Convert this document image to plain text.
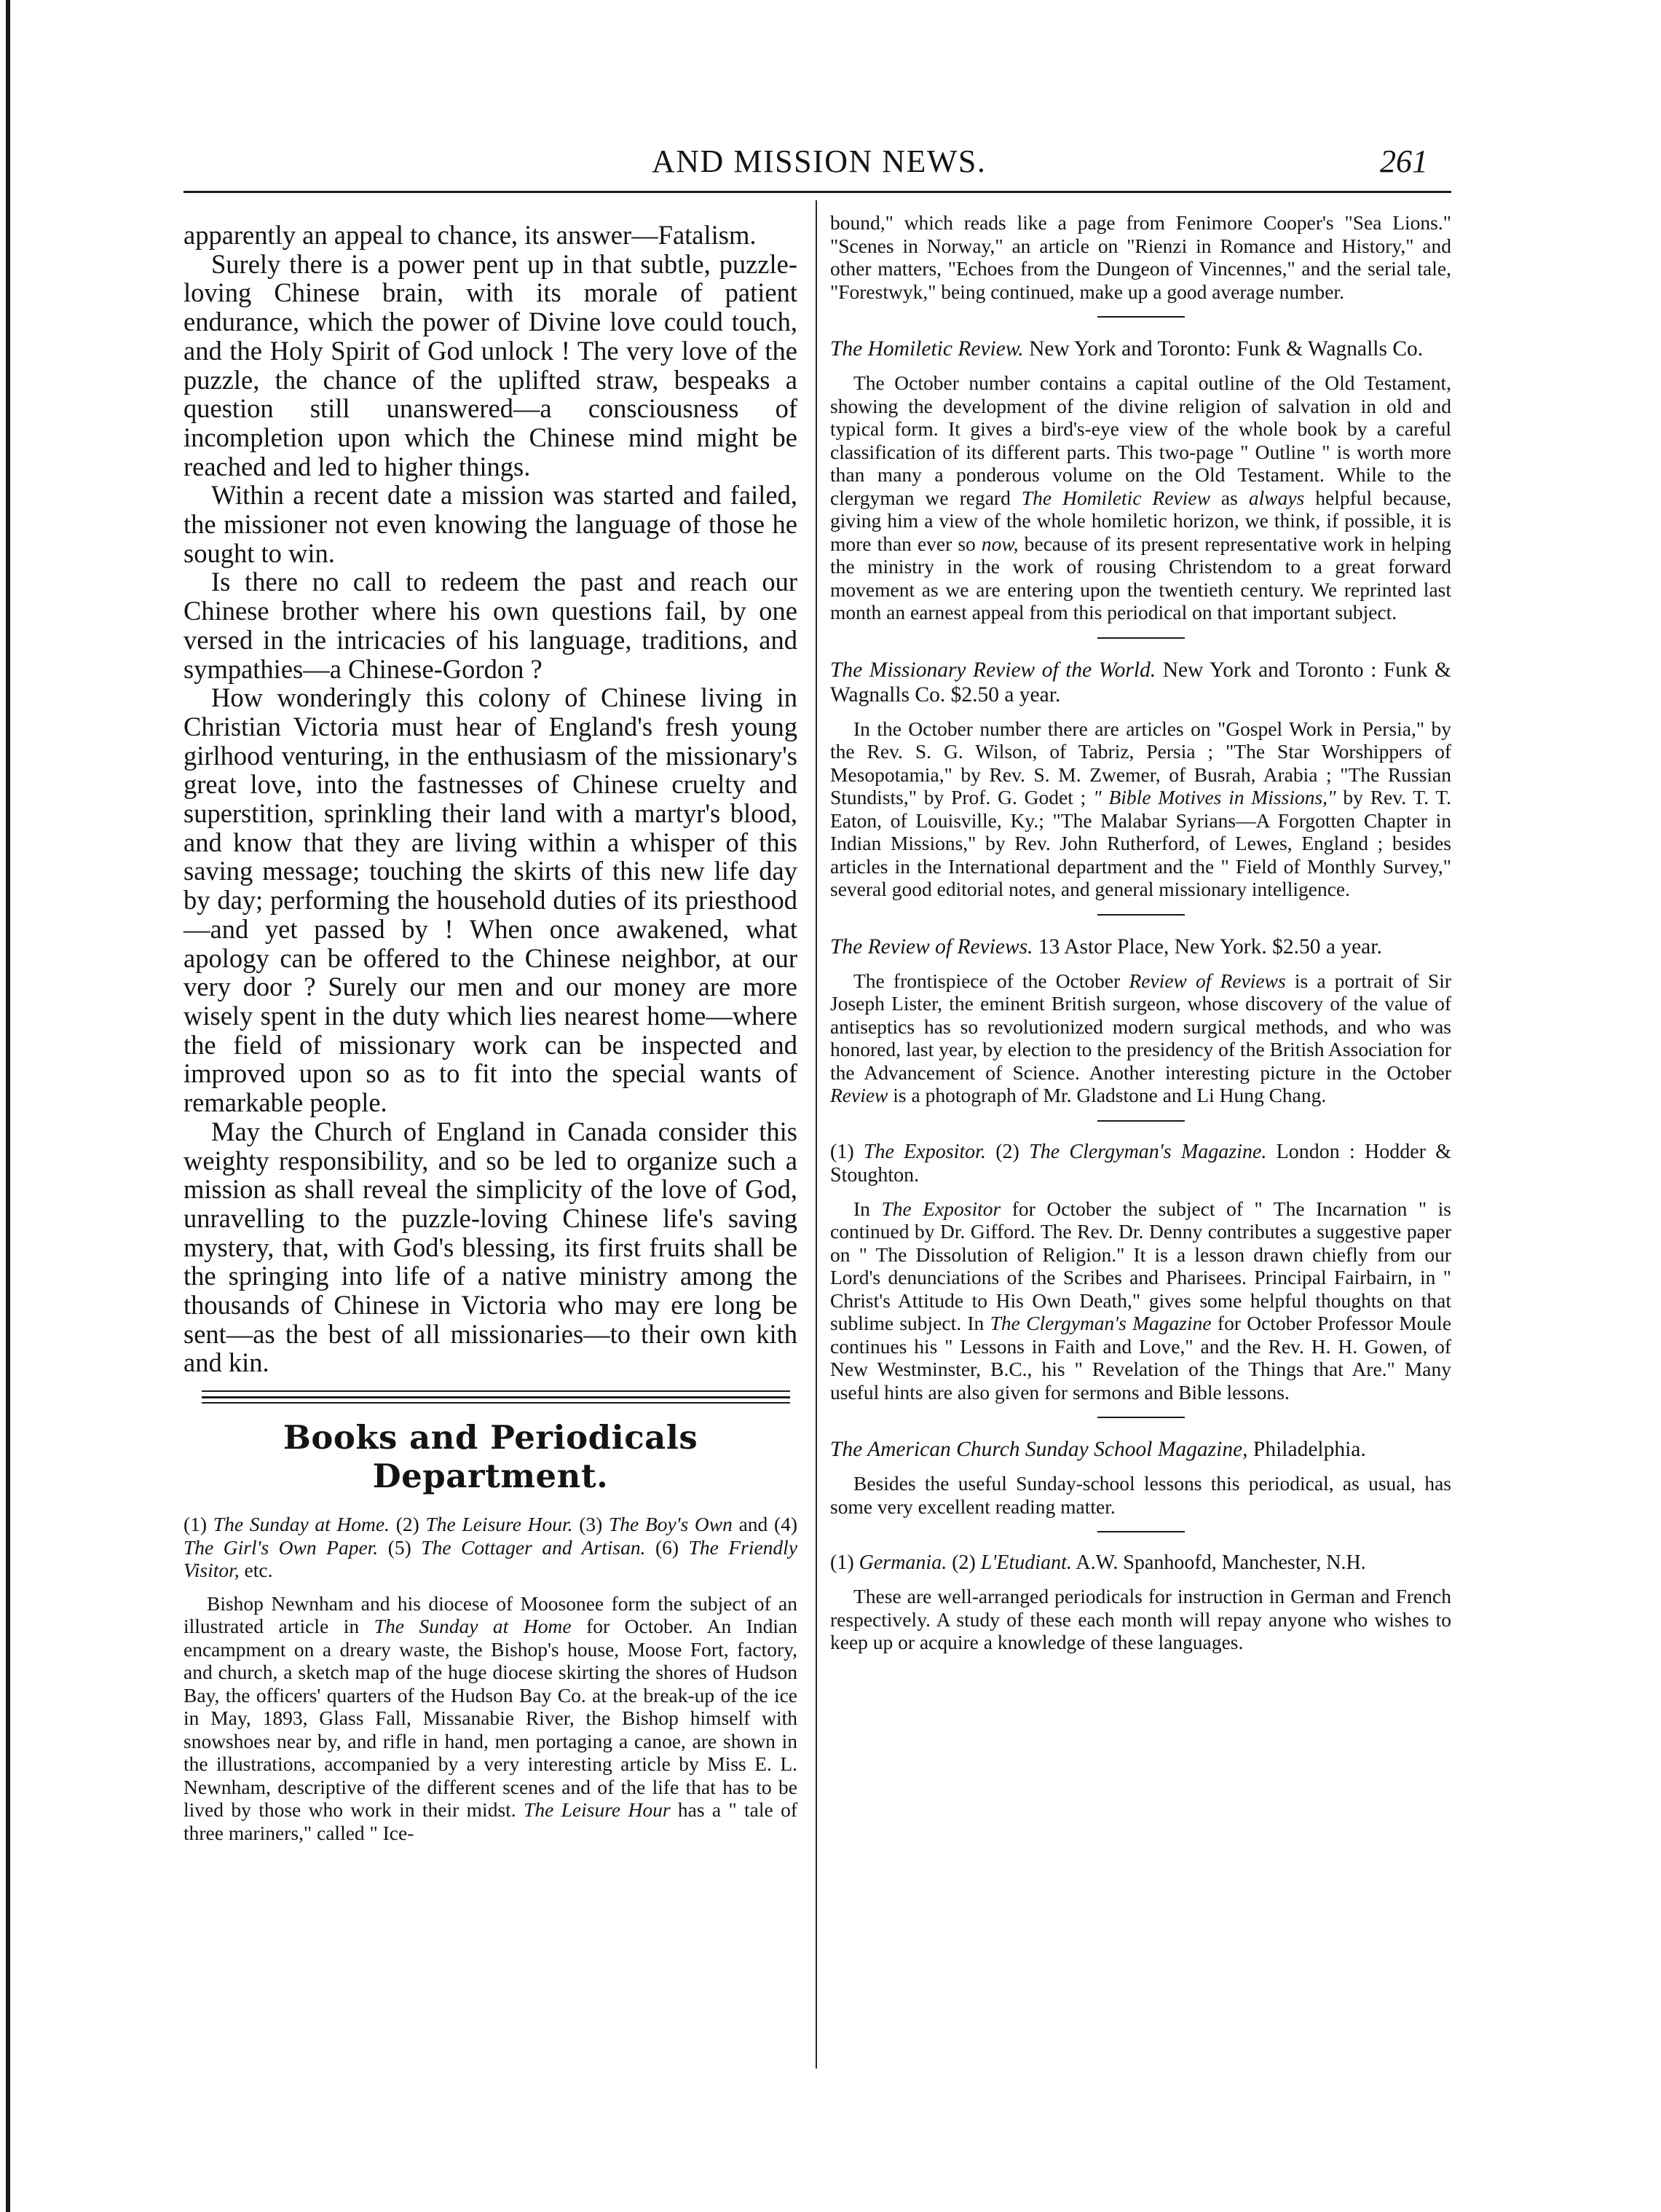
AND MISSION NEWS.	261

apparently an appeal to chance, its answer—Fatalism.

Surely there is a power pent up in that subtle, puzzle-loving Chinese brain, with its morale of patient endurance, which the power of Divine love could touch, and the Holy Spirit of God unlock ! The very love of the puzzle, the chance of the uplifted straw, bespeaks a question still unanswered—a consciousness of incompletion upon which the Chinese mind might be reached and led to higher things.

Within a recent date a mission was started and failed, the missioner not even knowing the language of those he sought to win.

Is there no call to redeem the past and reach our Chinese brother where his own questions fail, by one versed in the intricacies of his language, traditions, and sympathies—a Chinese-Gordon ?

How wonderingly this colony of Chinese living in Christian Victoria must hear of England's fresh young girlhood venturing, in the enthusiasm of the missionary's great love, into the fastnesses of Chinese cruelty and superstition, sprinkling their land with a martyr's blood, and know that they are living within a whisper of this saving message; touching the skirts of this new life day by day; performing the household duties of its priesthood—and yet passed by ! When once awakened, what apology can be offered to the Chinese neighbor, at our very door ? Surely our men and our money are more wisely spent in the duty which lies nearest home—where the field of missionary work can be inspected and improved upon so as to fit into the special wants of remarkable people.

May the Church of England in Canada consider this weighty responsibility, and so be led to organize such a mission as shall reveal the simplicity of the love of God, unravelling to the puzzle-loving Chinese life's saving mystery, that, with God's blessing, its first fruits shall be the springing into life of a native ministry among the thousands of Chinese in Victoria who may ere long be sent—as the best of all missionaries—to their own kith and kin.

Books and Periodicals Department.

(1) The Sunday at Home. (2) The Leisure Hour. (3) The Boy's Own and (4) The Girl's Own Paper. (5) The Cottager and Artisan. (6) The Friendly Visitor, etc.

Bishop Newnham and his diocese of Moosonee form the subject of an illustrated article in The Sunday at Home for October. An Indian encampment on a dreary waste, the Bishop's house, Moose Fort, factory, and church, a sketch map of the huge diocese skirting the shores of Hudson Bay, the officers' quarters of the Hudson Bay Co. at the break-up of the ice in May, 1893, Glass Fall, Missanabie River, the Bishop himself with snowshoes near by, and rifle in hand, men portaging a canoe, are shown in the illustrations, accompanied by a very interesting article by Miss E. L. Newnham, descriptive of the different scenes and of the life that has to be lived by those who work in their midst. The Leisure Hour has a " tale of three mariners," called " Ice-

bound," which reads like a page from Fenimore Cooper's "Sea Lions." "Scenes in Norway," an article on "Rienzi in Romance and History," and other matters, "Echoes from the Dungeon of Vincennes," and the serial tale, "Forestwyk," being continued, make up a good average number.

The Homiletic Review. New York and Toronto: Funk & Wagnalls Co.

The October number contains a capital outline of the Old Testament, showing the development of the divine religion of salvation in old and typical form. It gives a bird's-eye view of the whole book by a careful classification of its different parts. This two-page " Outline " is worth more than many a ponderous volume on the Old Testament. While to the clergyman we regard The Homiletic Review as always helpful because, giving him a view of the whole homiletic horizon, we think, if possible, it is more than ever so now, because of its present representative work in helping the ministry in the work of rousing Christendom to a great forward movement as we are entering upon the twentieth century. We reprinted last month an earnest appeal from this periodical on that important subject.

The Missionary Review of the World. New York and Toronto : Funk & Wagnalls Co. $2.50 a year.

In the October number there are articles on "Gospel Work in Persia," by the Rev. S. G. Wilson, of Tabriz, Persia ; "The Star Worshippers of Mesopotamia," by Rev. S. M. Zwemer, of Busrah, Arabia ; "The Russian Stundists," by Prof. G. Godet ; " Bible Motives in Missions," by Rev. T. T. Eaton, of Louisville, Ky.; "The Malabar Syrians—A Forgotten Chapter in Indian Missions," by Rev. John Rutherford, of Lewes, England ; besides articles in the International department and the " Field of Monthly Survey," several good editorial notes, and general missionary intelligence.

The Review of Reviews. 13 Astor Place, New York. $2.50 a year.

The frontispiece of the October Review of Reviews is a portrait of Sir Joseph Lister, the eminent British surgeon, whose discovery of the value of antiseptics has so revolutionized modern surgical methods, and who was honored, last year, by election to the presidency of the British Association for the Advancement of Science. Another interesting picture in the October Review is a photograph of Mr. Gladstone and Li Hung Chang.

(1) The Expositor. (2) The Clergyman's Magazine. London : Hodder & Stoughton.

In The Expositor for October the subject of " The Incarnation " is continued by Dr. Gifford. The Rev. Dr. Denny contributes a suggestive paper on " The Dissolution of Religion." It is a lesson drawn chiefly from our Lord's denunciations of the Scribes and Pharisees. Principal Fairbairn, in " Christ's Attitude to His Own Death," gives some helpful thoughts on that sublime subject. In The Clergyman's Magazine for October Professor Moule continues his " Lessons in Faith and Love," and the Rev. H. H. Gowen, of New Westminster, B.C., his " Revelation of the Things that Are." Many useful hints are also given for sermons and Bible lessons.

The American Church Sunday School Magazine, Philadelphia.

Besides the useful Sunday-school lessons this periodical, as usual, has some very excellent reading matter.

(1) Germania. (2) L'Etudiant. A.W. Spanhoofd, Manchester, N.H.

These are well-arranged periodicals for instruction in German and French respectively. A study of these each month will repay anyone who wishes to keep up or acquire a knowledge of these languages.
